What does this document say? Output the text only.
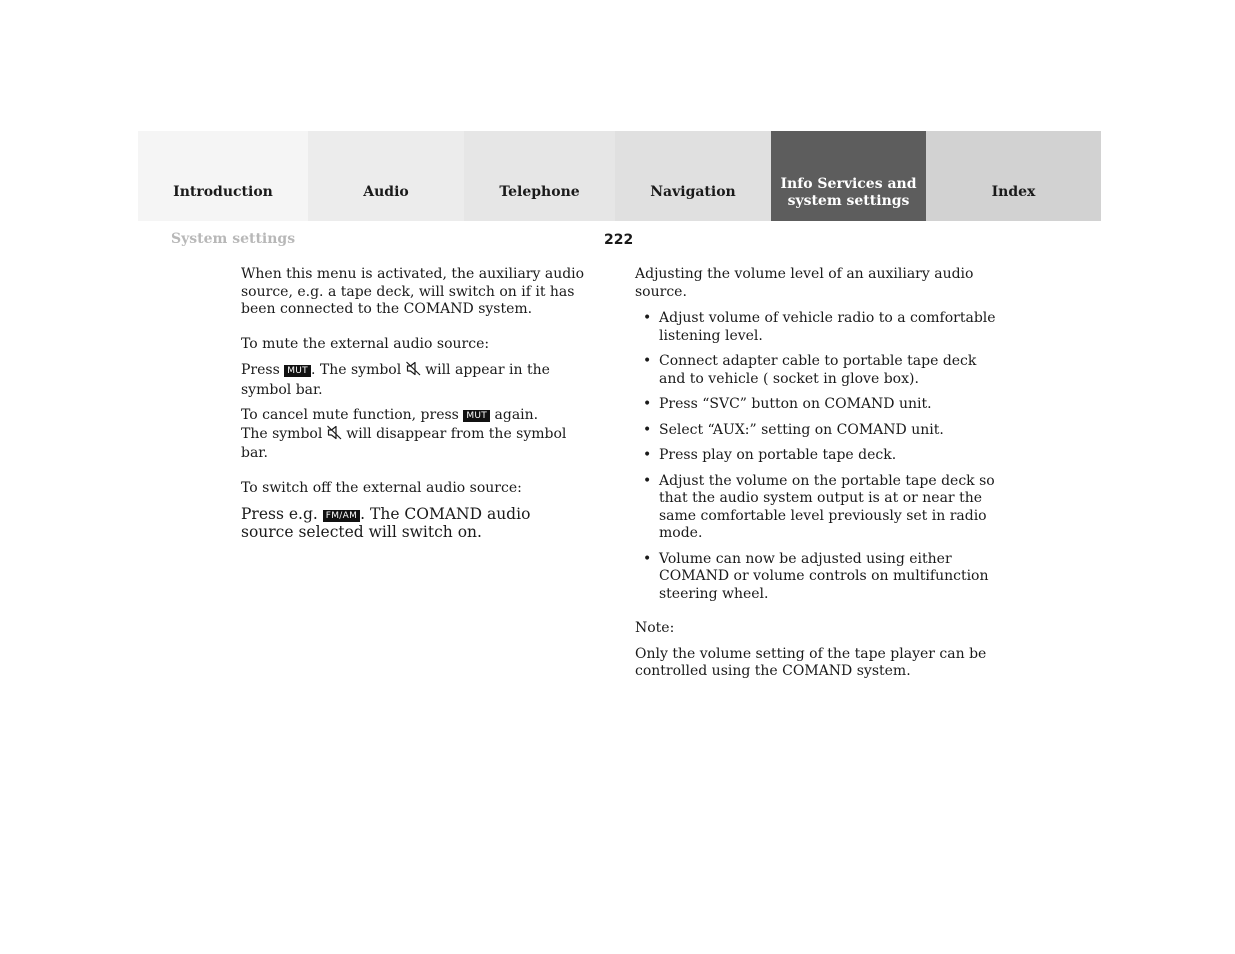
Introduction	Audio	Telephone	Navigation	Info Services and
system settings
Index
System settings	222

When this menu is activated, the auxiliary audio source, e.g. a tape deck, will switch on if it has been connected to the COMAND system.

To mute the external audio source:

Press MUT . The symbol  will appear in the symbol bar.

To cancel mute function, press MUT again.
The symbol  will disappear from the symbol bar.

To switch off the external audio source:

Press e.g. FM/AM . The COMAND audio source selected will switch on.

Adjusting the volume level of an auxiliary audio source.

• Adjust volume of vehicle radio to a comfortable listening level.
• Connect adapter cable to portable tape deck and to vehicle ( socket in glove box).
• Press “SVC” button on COMAND unit.
• Select “AUX:” setting on COMAND unit.
• Press play on portable tape deck.
• Adjust the volume on the portable tape deck so that the audio system output is at or near the same comfortable level previously set in radio mode.
• Volume can now be adjusted using either COMAND or volume controls on multifunction steering wheel.

Note:

Only the volume setting of the tape player can be controlled using the COMAND system.
